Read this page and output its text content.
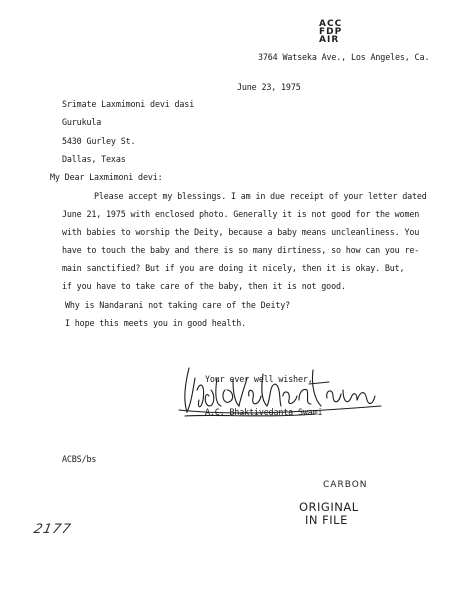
ACC
FDP
AIR
3764 Watseka Ave., Los Angeles, Ca.
June 23, 1975
Srimate Laxmimoni devi dasi
Gurukula
5430 Gurley St.
Dallas, Texas
My Dear Laxmimoni devi:
Please accept my blessings. I am in due receipt of your letter dated
June 21, 1975 with enclosed photo. Generally it is not good for the women
with babies to worship the Deity, because a baby means uncleanliness. You
have to touch the baby and there is so many dirtiness, so how can you re-
main sanctified? But if you are doing it nicely, then it is okay. But,
if you have to take care of the baby, then it is not good.
Why is Nandarani not taking care of the Deity?
I hope this meets you in good health.
Your ever well wisher,
A.C. Bhaktivedanta Swami
ACBS/bs
CARBON
ORIGINAL
IN FILE
2177
